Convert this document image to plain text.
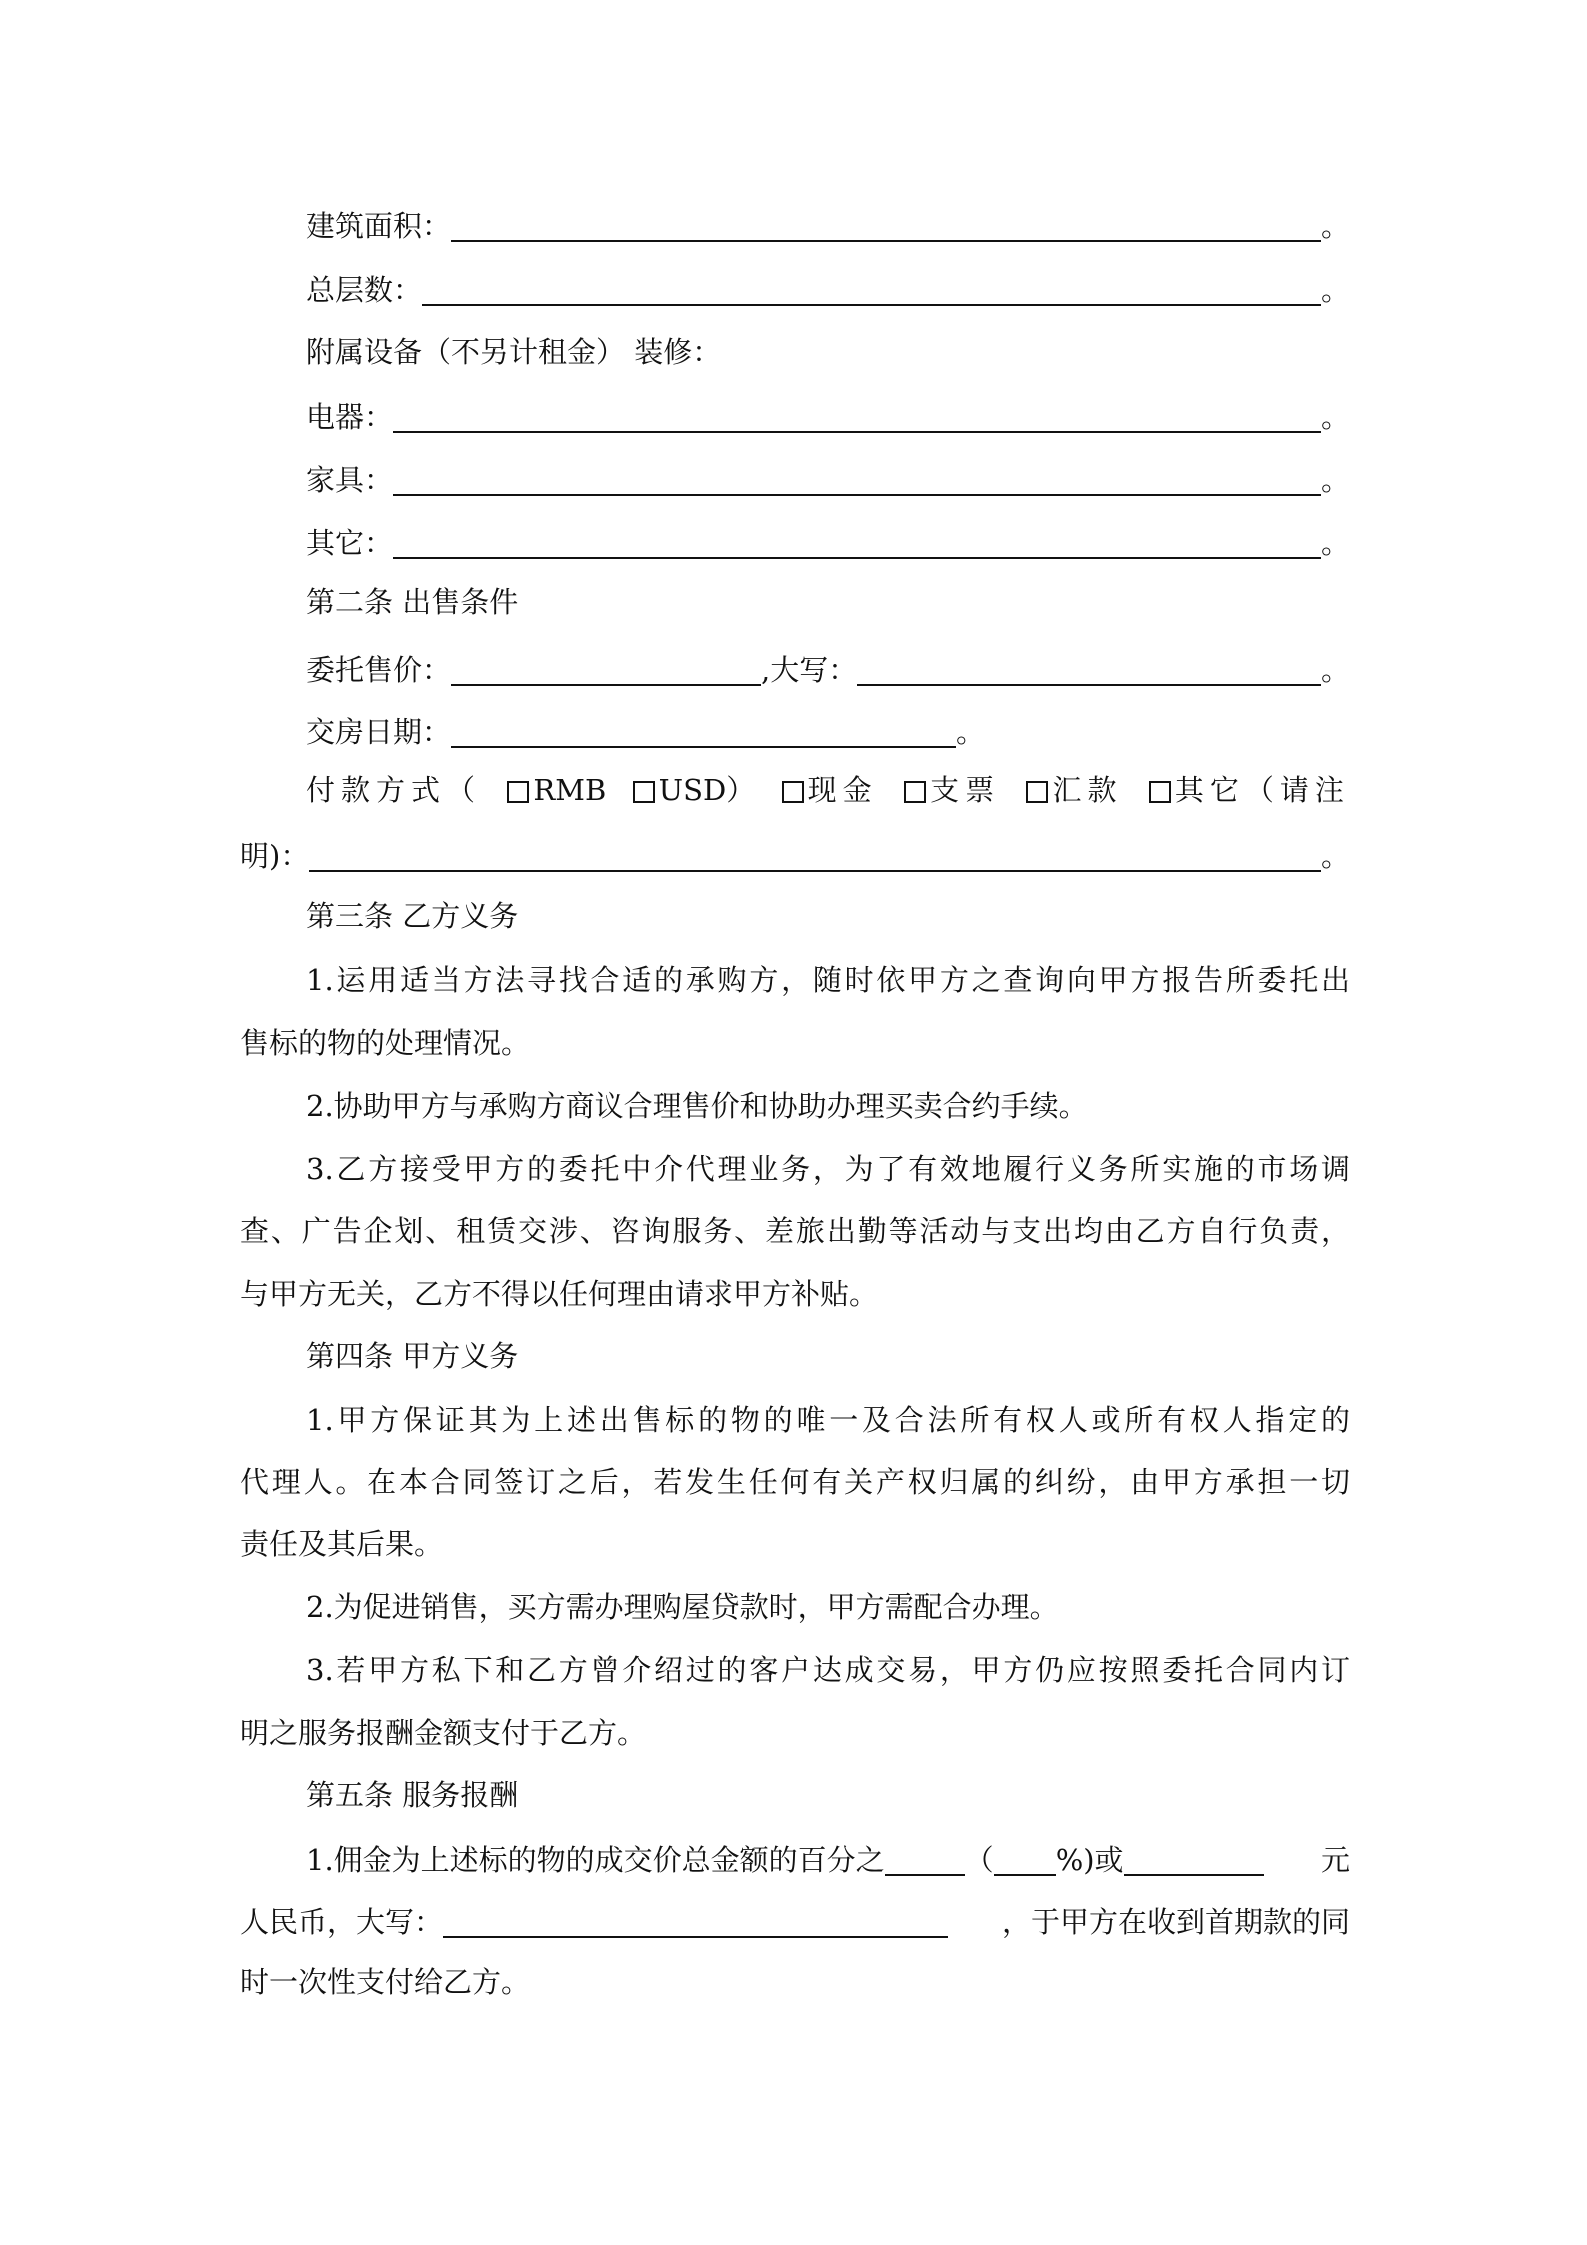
建筑面积：	。
总层数：	。
附属设备（不另计租金） 装修：
电器：	。
家具：	。
其它：	。
第二条 出售条件
委托售价：	,大写：	。
交房日期：	。
付款方式（	RMB	USD）	现金	支票	汇款	其它（请注
明)：	。
第三条 乙方义务
1.运用适当方法寻找合适的承购方，随时依甲方之查询向甲方报告所委托出
售标的物的处理情况。
2.协助甲方与承购方商议合理售价和协助办理买卖合约手续。
3.乙方接受甲方的委托中介代理业务，为了有效地履行义务所实施的市场调
查、广告企划、租赁交涉、咨询服务、差旅出勤等活动与支出均由乙方自行负责，
与甲方无关，乙方不得以任何理由请求甲方补贴。
第四条 甲方义务
1.甲方保证其为上述出售标的物的唯一及合法所有权人或所有权人指定的
代理人。在本合同签订之后，若发生任何有关产权归属的纠纷，由甲方承担一切
责任及其后果。
2.为促进销售，买方需办理购屋贷款时，甲方需配合办理。
3.若甲方私下和乙方曾介绍过的客户达成交易，甲方仍应按照委托合同内订
明之服务报酬金额支付于乙方。
第五条 服务报酬
1.佣金为上述标的物的成交价总金额的百分之	（ %)或	元
人民币，大写：	，于甲方在收到首期款的同
时一次性支付给乙方。
